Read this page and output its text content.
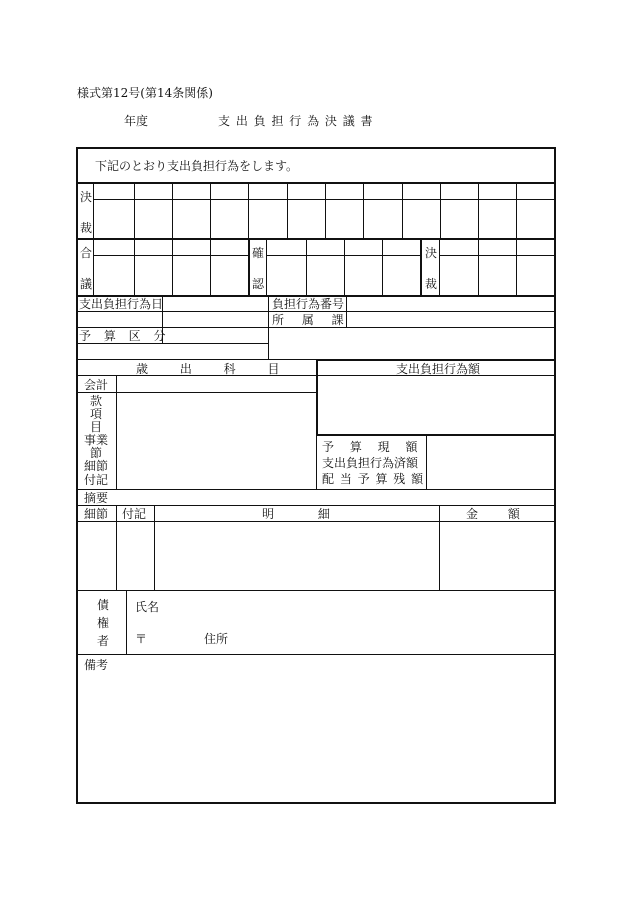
様式第12号(第14条関係)
年度	支 出 負 担 行 為 決 議 書
下記のとおり支出負担行為をします。
決
裁
合
議
確
認
決
裁
支出負担行為日	負担行為番号
所 属 課
予 算 区 分
歳 出 科 目	支出負担行為額
会計
款
項
目
事業
節
細節
付記
予 算 現 額
支出負担行為済額
配 当 予 算 残 額
摘要
細節 付記	明 細	金 額
債
権
者
氏名
〒	住所
備考
